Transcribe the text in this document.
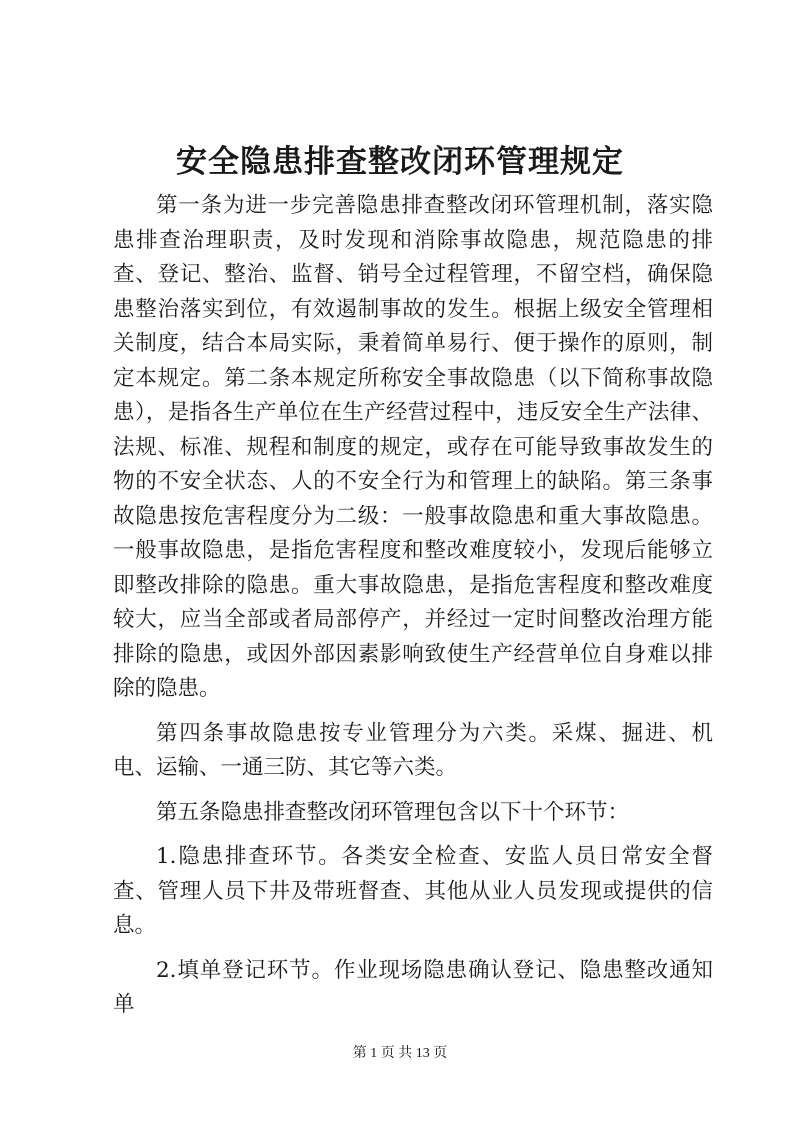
安全隐患排查整改闭环管理规定

第一条为进一步完善隐患排查整改闭环管理机制，落实隐患排查治理职责，及时发现和消除事故隐患，规范隐患的排查、登记、整治、监督、销号全过程管理，不留空档，确保隐患整治落实到位，有效遏制事故的发生。根据上级安全管理相关制度，结合本局实际，秉着简单易行、便于操作的原则，制定本规定。第二条本规定所称安全事故隐患（以下简称事故隐患），是指各生产单位在生产经营过程中，违反安全生产法律、法规、标准、规程和制度的规定，或存在可能导致事故发生的物的不安全状态、人的不安全行为和管理上的缺陷。第三条事故隐患按危害程度分为二级：一般事故隐患和重大事故隐患。一般事故隐患，是指危害程度和整改难度较小，发现后能够立即整改排除的隐患。重大事故隐患，是指危害程度和整改难度较大，应当全部或者局部停产，并经过一定时间整改治理方能排除的隐患，或因外部因素影响致使生产经营单位自身难以排除的隐患。

第四条事故隐患按专业管理分为六类。采煤、掘进、机电、运输、一通三防、其它等六类。

第五条隐患排查整改闭环管理包含以下十个环节：

1.隐患排查环节。各类安全检查、安监人员日常安全督查、管理人员下井及带班督查、其他从业人员发现或提供的信息。

2.填单登记环节。作业现场隐患确认登记、隐患整改通知单

第 1 页 共 13 页
